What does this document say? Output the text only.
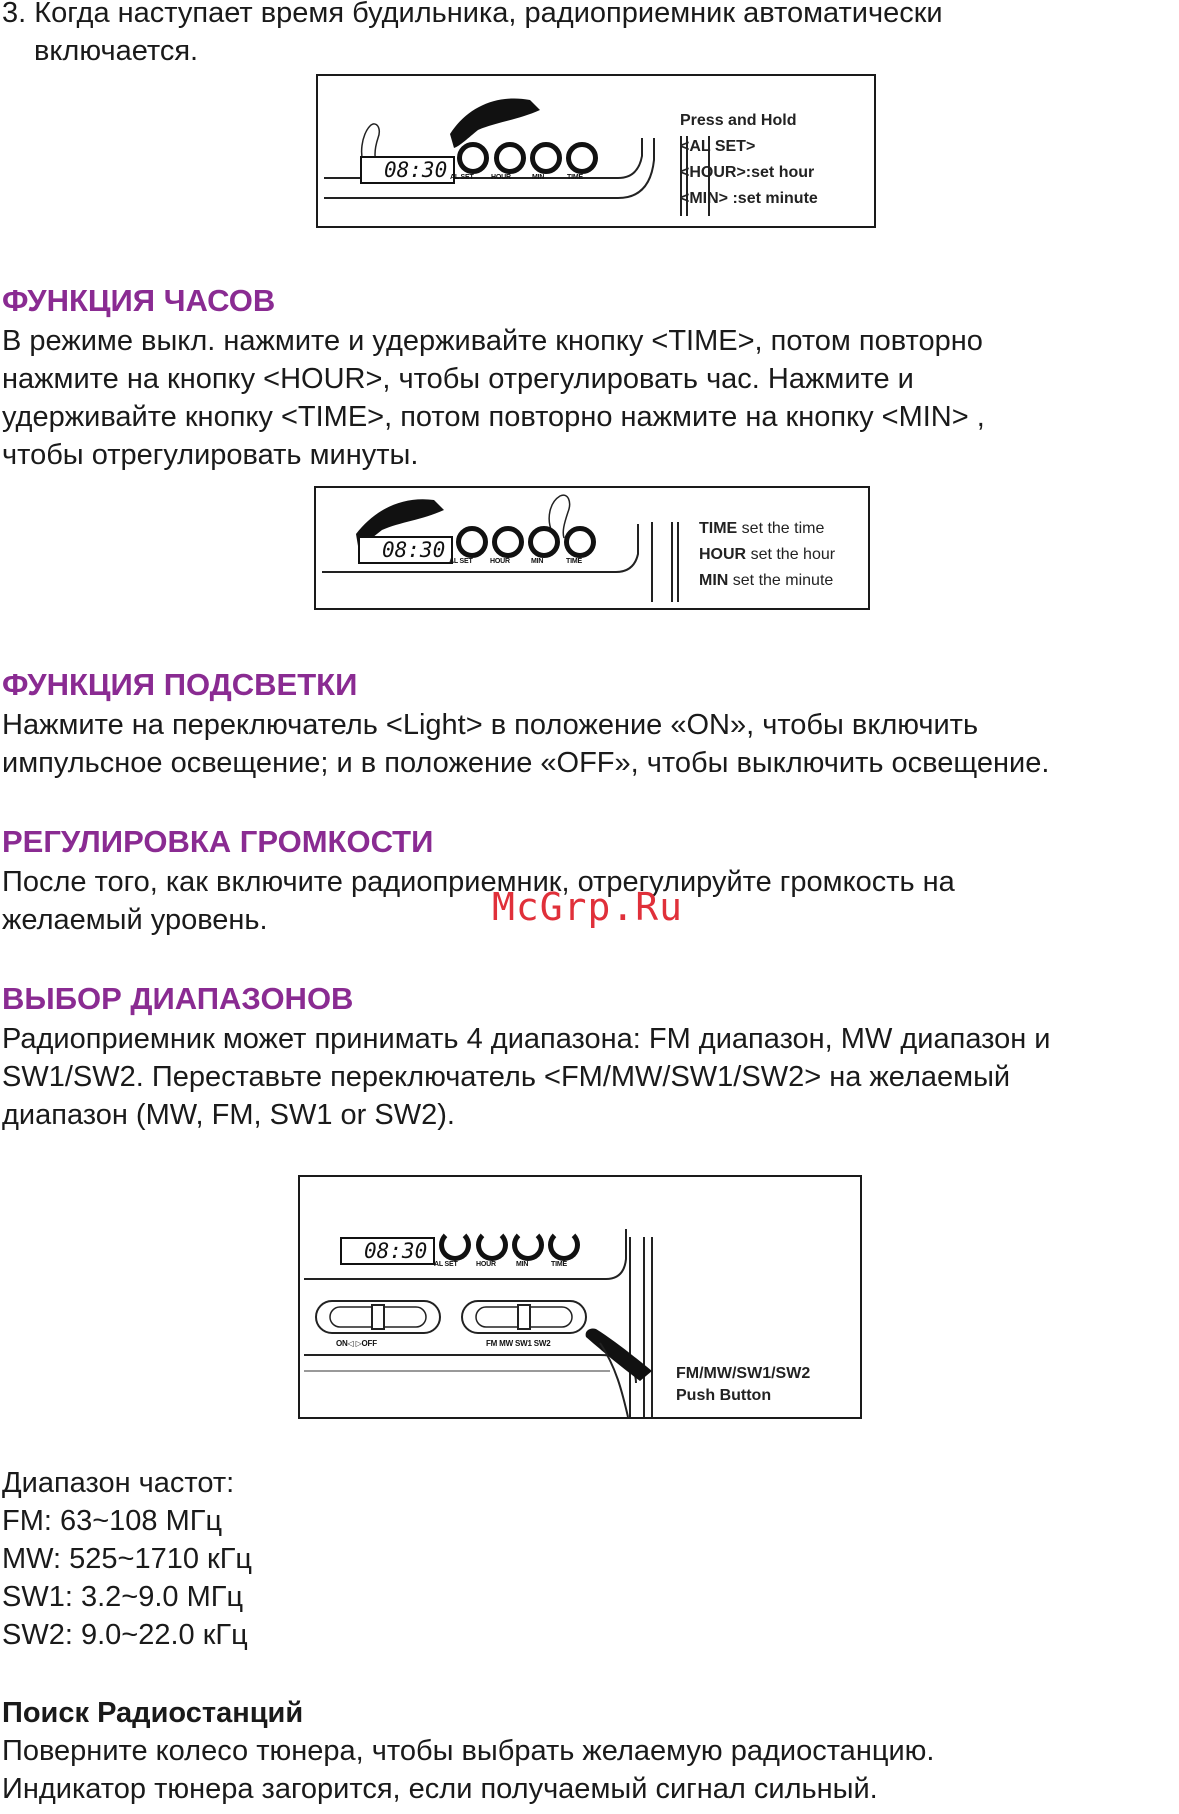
3. Когда наступает время будильника, радиоприемник автоматически

включается.

08:30 AL SET HOUR	MIN	TIME
Press and Hold
<AL SET>
<HOUR>:set hour
<MIN> :set minute
ФУНКЦИЯ ЧАСОВ

В режиме выкл. нажмите и удерживайте кнопку <TIME>, потом повторно

нажмите на кнопку <HOUR>, чтобы отрегулировать час. Нажмите и

удерживайте кнопку <TIME>, потом повторно нажмите на кнопку <MIN> ,

чтобы отрегулировать минуты.

08:30 AL SET HOUR	MIN	TIME
TIME set the time
HOUR set the hour
MIN set the minute
ФУНКЦИЯ ПОДСВЕТКИ

Нажмите на переключатель <Light> в положение «ON», чтобы включить

импульсное освещение; и в положение «OFF», чтобы выключить освещение.

РЕГУЛИРОВКА ГРОМКОСТИ

После того, как включите радиоприемник, отрегулируйте громкость на

желаемый уровень.	McGrp.Ru
ВЫБОР ДИАПАЗОНОВ

Радиоприемник может принимать 4 диапазона: FM диапазон, MW диапазон и

SW1/SW2. Переставьте переключатель <FM/MW/SW1/SW2> на желаемый

диапазон (MW, FM, SW1 or SW2).

08:30
AL SET	HOUR	MIN	TIME
ON◁ ▷OFF	FM MW SW1 SW2
FM/MW/SW1/SW2
Push Button

Диапазон частот:

FM: 63~108 МГц

MW: 525~1710 кГц

SW1: 3.2~9.0 МГц

SW2: 9.0~22.0 кГц

Поиск Радиостанций

Поверните колесо тюнера, чтобы выбрать желаемую радиостанцию.

Индикатор тюнера загорится, если получаемый сигнал сильный.
